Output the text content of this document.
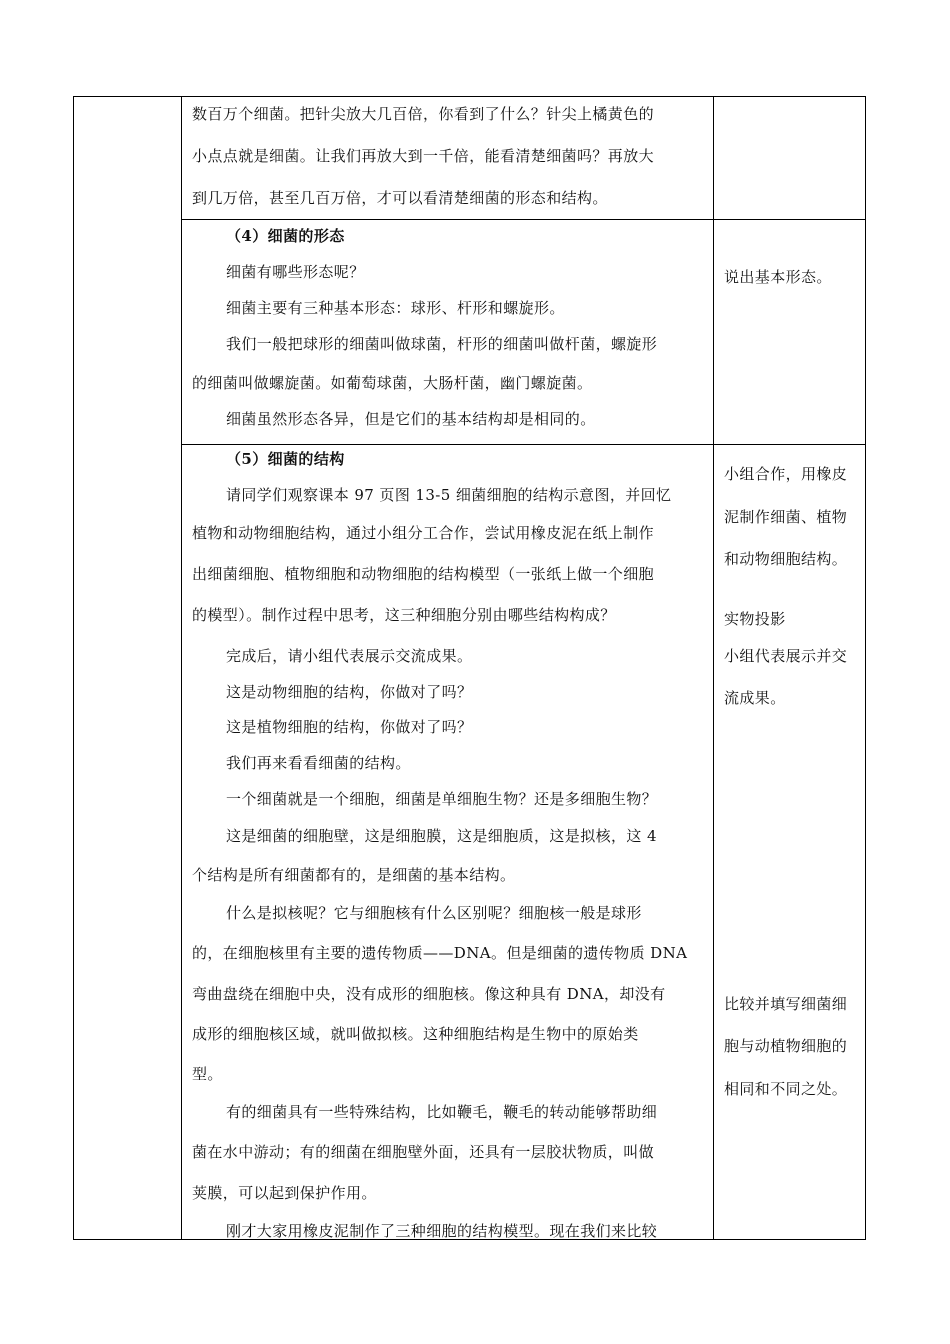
数百万个细菌。把针尖放大几百倍，你看到了什么？针尖上橘黄色的
小点点就是细菌。让我们再放大到一千倍，能看清楚细菌吗？再放大
到几万倍，甚至几百万倍，才可以看清楚细菌的形态和结构。
（4）细菌的形态
细菌有哪些形态呢？
细菌主要有三种基本形态：球形、杆形和螺旋形。
我们一般把球形的细菌叫做球菌，杆形的细菌叫做杆菌，螺旋形
的细菌叫做螺旋菌。如葡萄球菌，大肠杆菌，幽门螺旋菌。
细菌虽然形态各异，但是它们的基本结构却是相同的。
说出基本形态。
（5）细菌的结构
请同学们观察课本 97 页图 13-5 细菌细胞的结构示意图，并回忆
植物和动物细胞结构，通过小组分工合作，尝试用橡皮泥在纸上制作
出细菌细胞、植物细胞和动物细胞的结构模型（一张纸上做一个细胞
的模型）。制作过程中思考，这三种细胞分别由哪些结构构成？
完成后，请小组代表展示交流成果。
这是动物细胞的结构，你做对了吗？
这是植物细胞的结构，你做对了吗？
我们再来看看细菌的结构。
一个细菌就是一个细胞，细菌是单细胞生物？还是多细胞生物？
这是细菌的细胞壁，这是细胞膜，这是细胞质，这是拟核，这 4
个结构是所有细菌都有的，是细菌的基本结构。
什么是拟核呢？它与细胞核有什么区别呢？细胞核一般是球形
的，在细胞核里有主要的遗传物质——DNA。但是细菌的遗传物质 DNA
弯曲盘绕在细胞中央，没有成形的细胞核。像这种具有 DNA，却没有
成形的细胞核区域，就叫做拟核。这种细胞结构是生物中的原始类
型。
有的细菌具有一些特殊结构，比如鞭毛，鞭毛的转动能够帮助细
菌在水中游动；有的细菌在细胞壁外面，还具有一层胶状物质，叫做
荚膜，可以起到保护作用。
刚才大家用橡皮泥制作了三种细胞的结构模型。现在我们来比较
小组合作，用橡皮
泥制作细菌、植物
和动物细胞结构。
实物投影
小组代表展示并交
流成果。
比较并填写细菌细
胞与动植物细胞的
相同和不同之处。
